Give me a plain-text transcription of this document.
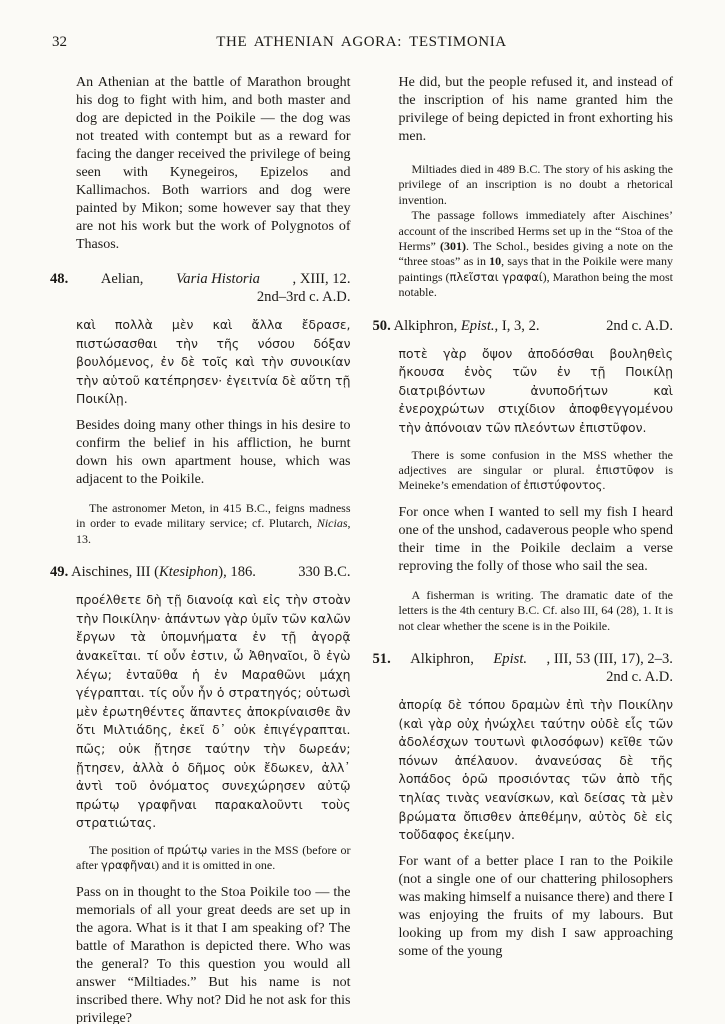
32	THE ATHENIAN AGORA: TESTIMONIA

An Athenian at the battle of Marathon brought his dog to fight with him, and both master and dog are depicted in the Poikile — the dog was not treated with contempt but as a reward for facing the danger received the privilege of being seen with Kynegeiros, Epizelos and Kallimachos. Both warriors and dog were painted by Mikon; some however say that they are not his work but the work of Polygnotos of Thasos.

48. Aelian, Varia Historia , XIII, 12.
2nd–3rd c. A.D.

καὶ πολλὰ μὲν καὶ ἄλλα ἔδρασε, πιστώσασθαι τὴν τῆς νόσου δόξαν βουλόμενος, ἐν δὲ τοῖς καὶ τὴν συνοικίαν τὴν αὑτοῦ κατέπρησεν· ἐγειτνία δὲ αὕτη τῇ Ποικίλῃ.

Besides doing many other things in his desire to confirm the belief in his affliction, he burnt down his own apartment house, which was adjacent to the Poikile.

The astronomer Meton, in 415 B.C., feigns madness in order to evade military service; cf. Plutarch, Nicias, 13.

49. Aischines, III (Ktesiphon), 186.	330 B.C.

προέλθετε δὴ τῇ διανοίᾳ καὶ εἰς τὴν στοὰν τὴν Ποικίλην· ἁπάντων γὰρ ὑμῖν τῶν καλῶν ἔργων τὰ ὑπομνήματα ἐν τῇ ἀγορᾷ ἀνακεῖται. τί οὖν ἐστιν, ὦ Ἀθηναῖοι, ὃ ἐγὼ λέγω; ἐνταῦθα ἡ ἐν Μαραθῶνι μάχη γέγραπται. τίς οὖν ἦν ὁ στρατηγός; οὑτωσὶ μὲν ἐρωτηθέντες ἅπαντες ἀποκρίναισθε ἂν ὅτι Μιλτιάδης, ἐκεῖ δ᾽ οὐκ ἐπιγέγραπται. πῶς; οὐκ ᾔτησε ταύτην τὴν δωρεάν; ᾔτησεν, ἀλλὰ ὁ δῆμος οὐκ ἔδωκεν, ἀλλ᾽ ἀντὶ τοῦ ὀνόματος συνεχώρησεν αὐτῷ πρώτῳ γραφῆναι παρακαλοῦντι τοὺς στρατιώτας.

The position of πρώτῳ varies in the MSS (before or after γραφῆναι) and it is omitted in one.

Pass on in thought to the Stoa Poikile too — the memorials of all your great deeds are set up in the agora. What is it that I am speaking of? The battle of Marathon is depicted there. Who was the general? To this question you would all answer “Miltiades.” But his name is not inscribed there. Why not? Did he not ask for this privilege?

He did, but the people refused it, and instead of the inscription of his name granted him the privilege of being depicted in front exhorting his men.

Miltiades died in 489 B.C. The story of his asking the privilege of an inscription is no doubt a rhetorical invention.

The passage follows immediately after Aischines’ account of the inscribed Herms set up in the “Stoa of the Herms” (301). The Schol., besides giving a note on the “three stoas” as in 10, says that in the Poikile were many paintings (πλεῖσται γραφαί), Marathon being the most notable.

50. Alkiphron, Epist., I, 3, 2.	2nd c. A.D.

ποτὲ γὰρ ὄψον ἀποδόσθαι βουληθεὶς ἤκουσα ἑνὸς τῶν ἐν τῇ Ποικίλῃ διατριβόντων ἀνυποδήτων καὶ ἐνεροχρώτων στιχίδιον ἀποφθεγγομένου τὴν ἀπόνοιαν τῶν πλεόντων ἐπιστῦφον.

There is some confusion in the MSS whether the adjectives are singular or plural. ἐπιστῦφον is Meineke’s emendation of ἐπιστύφοντος.

For once when I wanted to sell my fish I heard one of the unshod, cadaverous people who spend their time in the Poikile declaim a verse reproving the folly of those who sail the sea.

A fisherman is writing. The dramatic date of the letters is the 4th century B.C. Cf. also III, 64 (28), 1. It is not clear whether the scene is in the Poikile.

51. Alkiphron, Epist. , III, 53 (III, 17), 2–3.
2nd c. A.D.

ἀπορίᾳ δὲ τόπου δραμὼν ἐπὶ τὴν Ποικίλην (καὶ γὰρ οὐχ ἠνώχλει ταύτην οὐδὲ εἷς τῶν ἀδολέσχων τουτωνὶ φιλοσόφων) κεῖθε τῶν πόνων ἀπέλαυον. ἀνανεύσας δὲ τῆς λοπάδος ὁρῶ προσιόντας τῶν ἀπὸ τῆς τηλίας τινὰς νεανίσκων, καὶ δείσας τὰ μὲν βρώματα ὄπισθεν ἀπεθέμην, αὐτὸς δὲ εἰς τοὔδαφος ἐκείμην.

For want of a better place I ran to the Poikile (not a single one of our chattering philosophers was making himself a nuisance there) and there I was enjoying the fruits of my labours. But looking up from my dish I saw approaching some of the young
